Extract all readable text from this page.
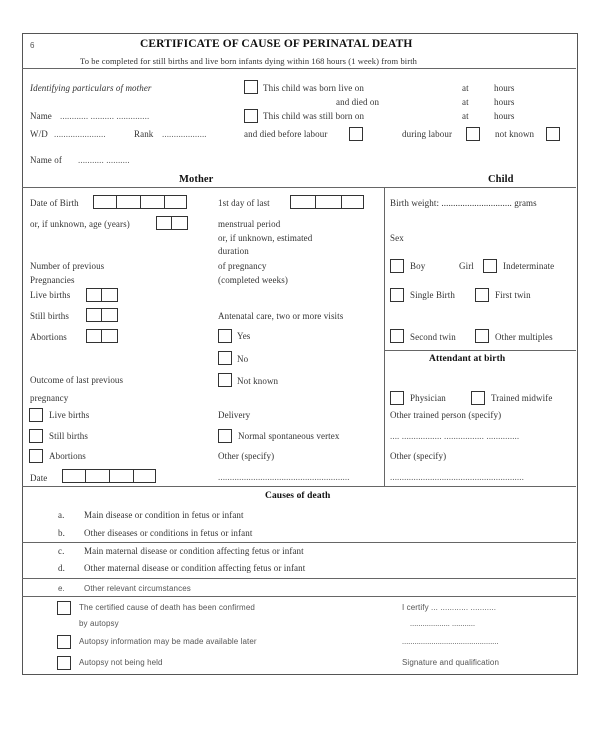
6	CERTIFICATE OF CAUSE OF PERINATAL DEATH
To be completed for still births and live born infants dying within 168 hours (1 week) from birth
Identifying particulars of mother	This child was born live on	at	hours
and died on	at	hours
Name ............ .......... ..............	This child was still born on	at	hours
W/D ......................	Rank ...................	and died before labour	during labour	not known
Name of ........... ..........
Mother	Child
Date of Birth
or, if unknown, age (years)
Number of previous
Pregnancies
Live births
Still births
Abortions
Outcome of last previous
pregnancy
Live births
Still births
Abortions
Date
1st day of last
menstrual period
or, if unknown, estimated
duration
of pregnancy
(completed weeks)
Antenatal care, two or more visits
Yes
No
Not known
Delivery
Normal spontaneous vertex
Other (specify)
........................................................
Birth weight: .............................. grams
Sex
Boy	Girl	Indeterminate
Single Birth	First twin
Second twin	Other multiples
Attendant at birth
Physician	Trained midwife
Other trained person (specify)
.... ................. ................. ..............
Other (specify)
.........................................................
Causes of death
a. Main disease or condition in fetus or infant
b. Other diseases or conditions in fetus or infant
c. Main maternal disease or condition affecting fetus or infant
d. Other maternal disease or condition affecting fetus or infant
e. Other relevant circumstances
The certified cause of death has been confirmed
by autopsy
Autopsy information may be made available later
Autopsy not being held
I certify ... ............ ...........
................... ...........
..............................................
Signature and qualification
